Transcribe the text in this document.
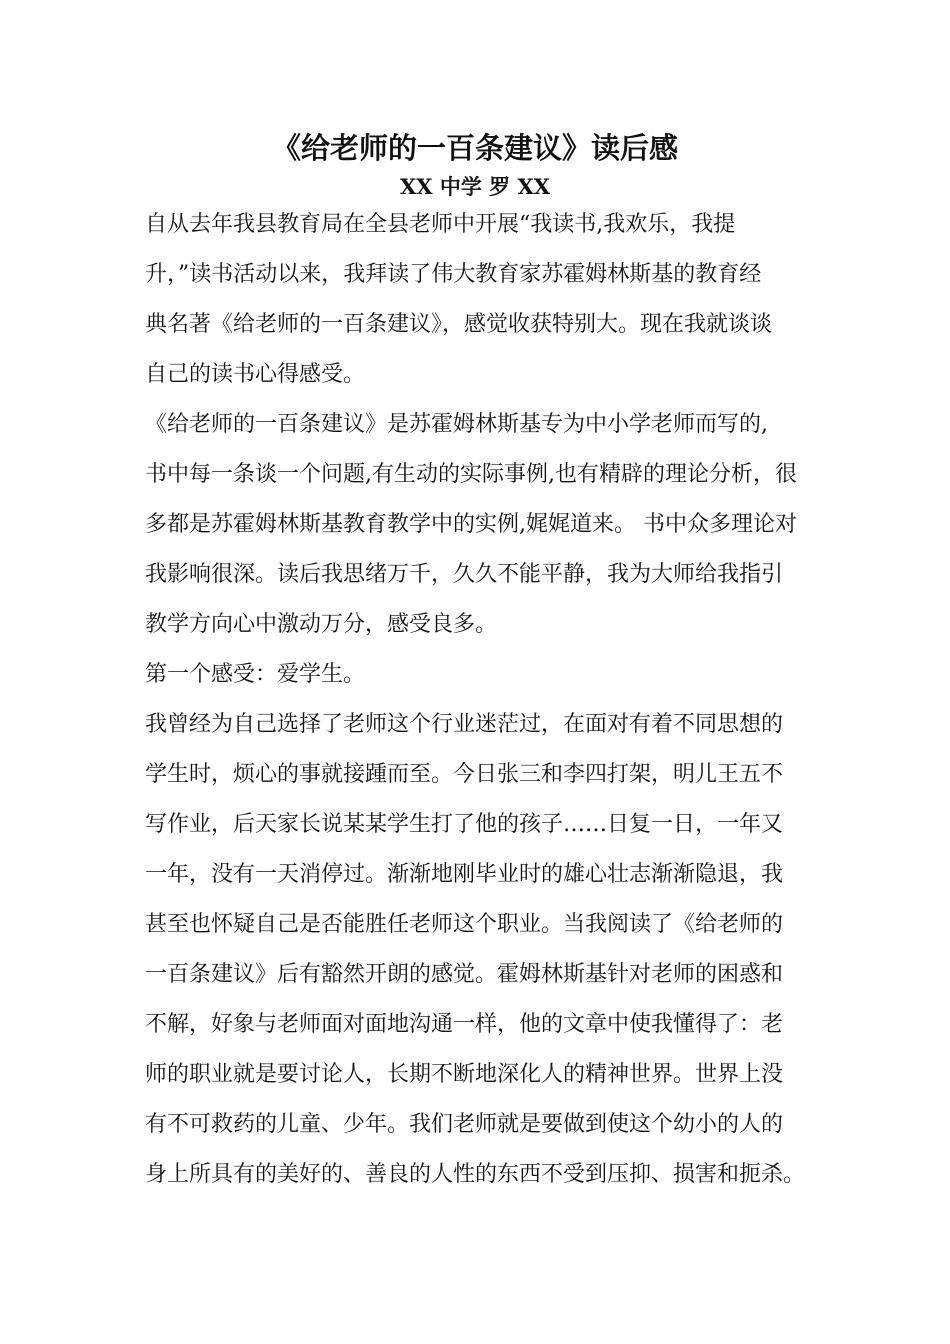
《给老师的一百条建议》读后感
XX 中学 罗 XX
自从去年我县教育局在全县老师中开展“我读书,我欢乐，我提
升，”读书活动以来，我拜读了伟大教育家苏霍姆林斯基的教育经
典名著《给老师的一百条建议》，感觉收获特别大。现在我就谈谈
自己的读书心得感受。
《给老师的一百条建议》是苏霍姆林斯基专为中小学老师而写的,
书中每一条谈一个问题,有生动的实际事例,也有精辟的理论分析，很
多都是苏霍姆林斯基教育教学中的实例,娓娓道来。 书中众多理论对
我影响很深。读后我思绪万千，久久不能平静，我为大师给我指引
教学方向心中激动万分，感受良多。
第一个感受：爱学生。
我曾经为自己选择了老师这个行业迷茫过，在面对有着不同思想的
学生时，烦心的事就接踵而至。今日张三和李四打架，明儿王五不
写作业，后天家长说某某学生打了他的孩子……日复一日，一年又
一年，没有一天消停过。渐渐地刚毕业时的雄心壮志渐渐隐退，我
甚至也怀疑自己是否能胜任老师这个职业。当我阅读了《给老师的
一百条建议》后有豁然开朗的感觉。霍姆林斯基针对老师的困惑和
不解，好象与老师面对面地沟通一样，他的文章中使我懂得了：老
师的职业就是要讨论人，长期不断地深化人的精神世界。世界上没
有不可救药的儿童、少年。我们老师就是要做到使这个幼小的人的
身上所具有的美好的、善良的人性的东西不受到压抑、损害和扼杀。
